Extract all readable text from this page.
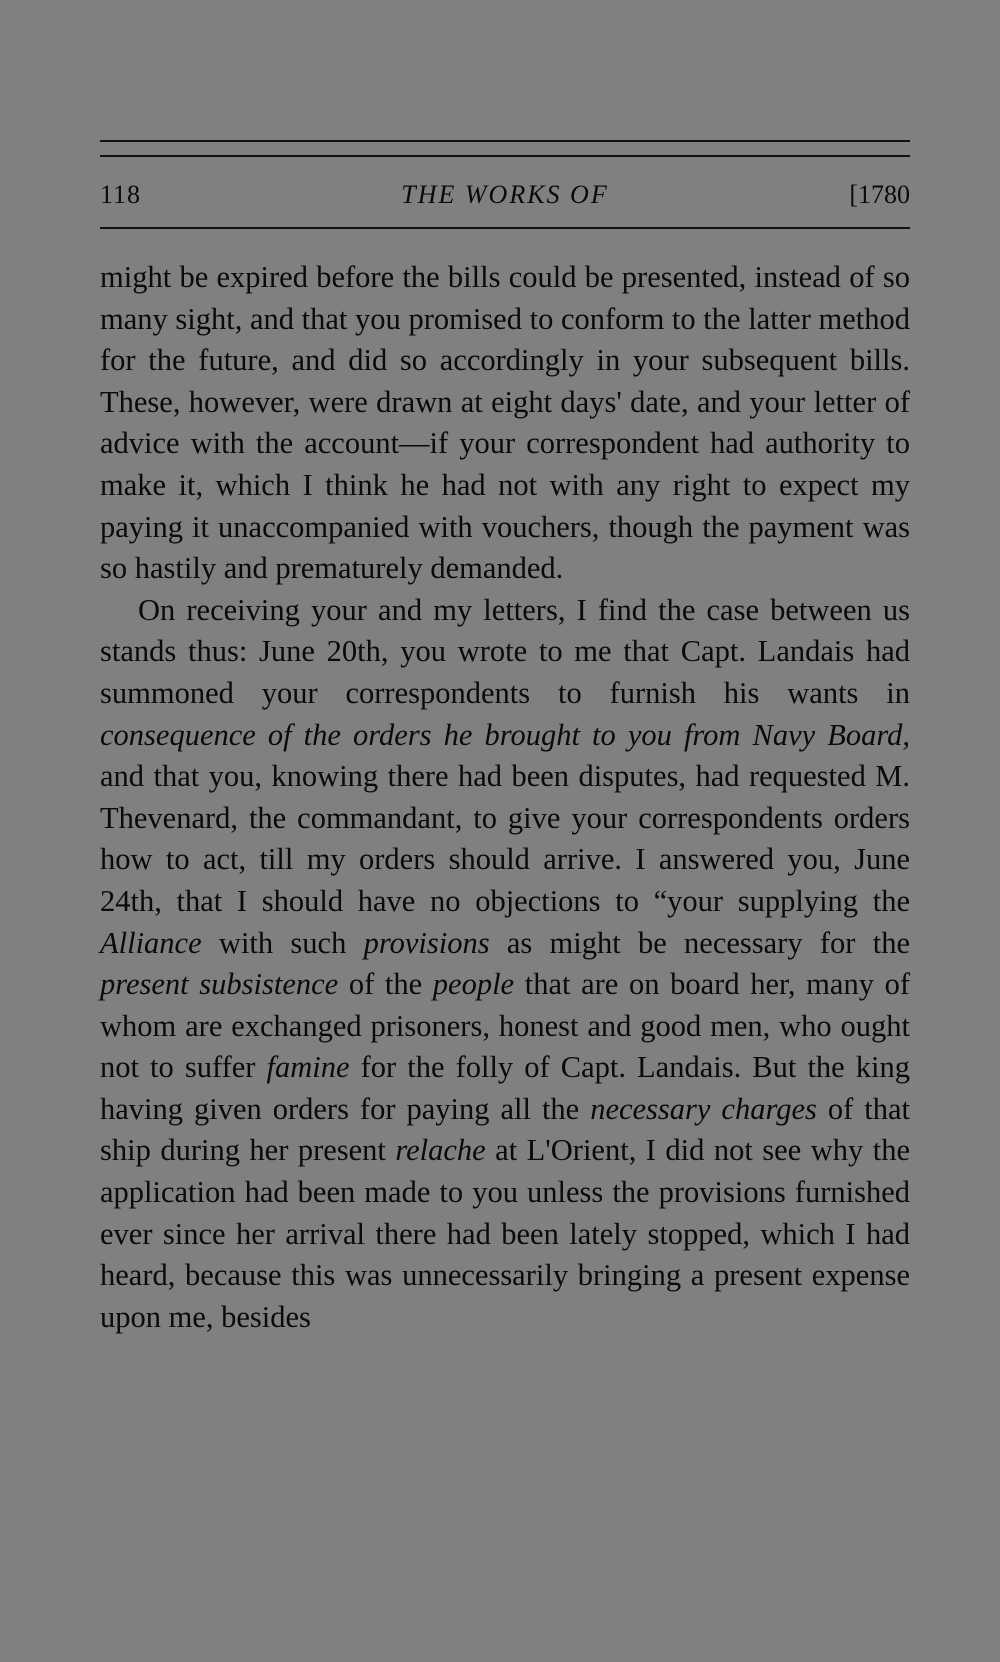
118	THE WORKS OF	[1780

might be expired before the bills could be presented, instead of so many sight, and that you promised to conform to the latter method for the future, and did so accordingly in your subsequent bills. These, however, were drawn at eight days' date, and your letter of advice with the account—if your correspondent had authority to make it, which I think he had not with any right to expect my paying it unaccompanied with vouchers, though the payment was so hastily and prematurely demanded.

On receiving your and my letters, I find the case between us stands thus: June 20th, you wrote to me that Capt. Landais had summoned your correspondents to furnish his wants in consequence of the orders he brought to you from Navy Board, and that you, knowing there had been disputes, had requested M. Thevenard, the commandant, to give your correspondents orders how to act, till my orders should arrive. I answered you, June 24th, that I should have no objections to “your supplying the Alliance with such provisions as might be necessary for the present subsistence of the people that are on board her, many of whom are exchanged prisoners, honest and good men, who ought not to suffer famine for the folly of Capt. Landais. But the king having given orders for paying all the necessary charges of that ship during her present relache at L'Orient, I did not see why the application had been made to you unless the provisions furnished ever since her arrival there had been lately stopped, which I had heard, because this was unnecessarily bringing a present expense upon me, besides
